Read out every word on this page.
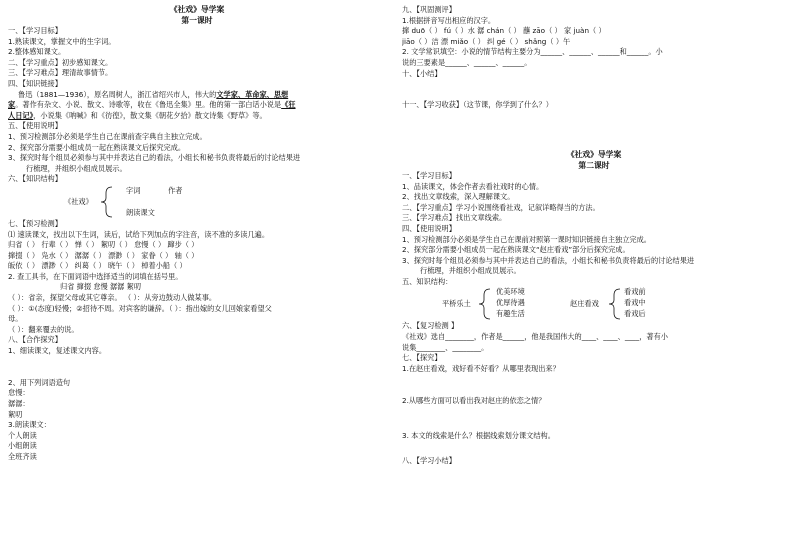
《社戏》导学案
第一课时
一、【学习目标】
1.熟读课文，掌握文中的生字词。
2.整体感知课文。
二、【学习重点】初步感知课文。
三、【学习难点】理清故事情节。
四、【知识链接】
鲁迅（1881—1936），原名周树人，浙江省绍兴市人，伟大的文学家、革命家、思想
家。著作有杂文、小说、散文、诗歌等，收在《鲁迅全集》里。他的第一部白话小说是《狂
人日记》，小说集《呐喊》和《彷徨》，散文集《朝花夕拾》散文诗集《野草》等。
五、【使用说明】
1、预习检测部分必须是学生自己在课前查字典自主独立完成。
2、探究部分需要小组成员一起在熟读课文后探究完成。
3、探究时每个组员必须参与其中并表达自己的看法，小组长和秘书负责将最后的讨论结果进
行梳理，并组织小组成员展示。
六、【知识结构】
《社戏》
字词	作者
朗读课文
七、【预习检测】
⑴ 速读课文，找出以下生词，读后，试给下列加点的字注音，读不准的多读几遍。
归省（ ） 行辈（ ） 惮（ ） 絮叨（ ） 怠慢（ ） 蹿步（ ）
撺掇（ ） 凫水（ ） 潺潺（ ） 漂渺（ ） 家眷（ ） 轴（ ）
皈依（ ） 漂渺（ ） 纠葛（ ） 晓午（ ） 棹着小船（ ）
2. 查工具书，在下面词语中选择适当的词填在括号里。
归省 撺掇 怠慢 潺潺 絮叨
（ ）：省亲，探望父母或其它尊亲。 （ ）：从旁边鼓动人做某事。
（ ）：①(态度)轻慢；②招待不周。对宾客的谦辞。（ ）：指出嫁的女儿回娘家看望父
母。
（ ）：翻来覆去的说。
八、【合作探究】
1、细读课文，复述课文内容。
2、用下列词语造句
怠慢：
潺潺：
絮叨
3.朗读课文：
个人朗读
小组朗读
全班齐读
九、【巩固测评】
1.根据拼音写出相应的汉字。
撺 duō（ ） fú（ ）水 潺 chán（ ） 蘸 zāo（ ） 家 juàn（ ）
jiāo（ ）洁 漂 miǎo（ ） 纠 gé（ ） shǎng（ ）午
2. 文学常识填空：小说的情节结构主要分为______、______、______和______。小
说的三要素是______、______、______。
十、【小结】
十一、【学习收获】（这节课，你学到了什么？）
《社戏》导学案
第二课时
一、【学习目标】
1、品读课文，体会作者去看社戏时的心情。
2、找出文章线索，深入理解课文。
二、【学习重点】学习小说围绕看社戏，记叙详略得当的方法。
三、【学习难点】找出文章线索。
四、【使用说明】
1、预习检测部分必须是学生自己在课前对照第一课时知识链接自主独立完成。
2、探究部分需要小组成员一起在熟读课文“赵庄看戏”部分后探究完成。
3、探究时每个组员必须参与其中并表达自己的看法，小组长和秘书负责将最后的讨论结果进
行梳理，并组织小组成员展示。
五、知识结构：
平桥乐土
优美环境
优厚待遇
有趣生活
赵庄看戏
看戏前
看戏中
看戏后
六、【复习检测 】
《社戏》选自________，作者是______，他是我国伟大的____、____、____，著有小
说集________、________。
七、【探究】
1.在赵庄看戏，戏好看不好看？从哪里表现出来？
2.从哪些方面可以看出我对赵庄的依恋之情？
3. 本文的线索是什么？根据线索划分课文结构。
八、【学习小结】
